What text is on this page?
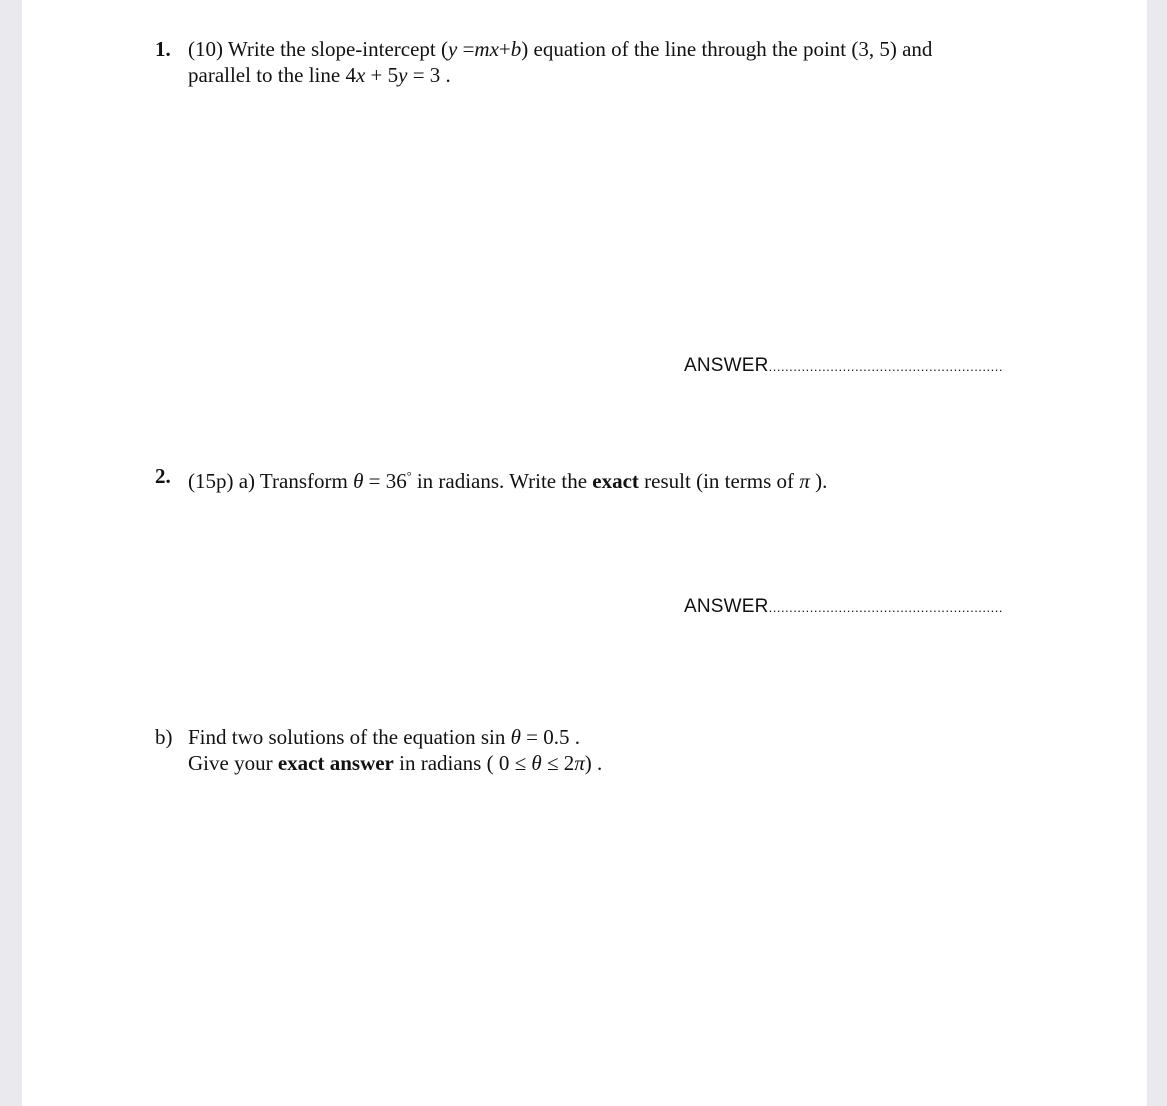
1. (10) Write the slope-intercept (y =mx+b) equation of the line through the point (3, 5) and
parallel to the line 4x + 5y = 3 .
ANSWER.........................................................
2. (15p) a) Transform θ = 36° in radians. Write the exact result (in terms of π ).
ANSWER.........................................................
b) Find two solutions of the equation sin θ = 0.5 .
Give your exact answer in radians ( 0 ≤ θ ≤ 2π) .
